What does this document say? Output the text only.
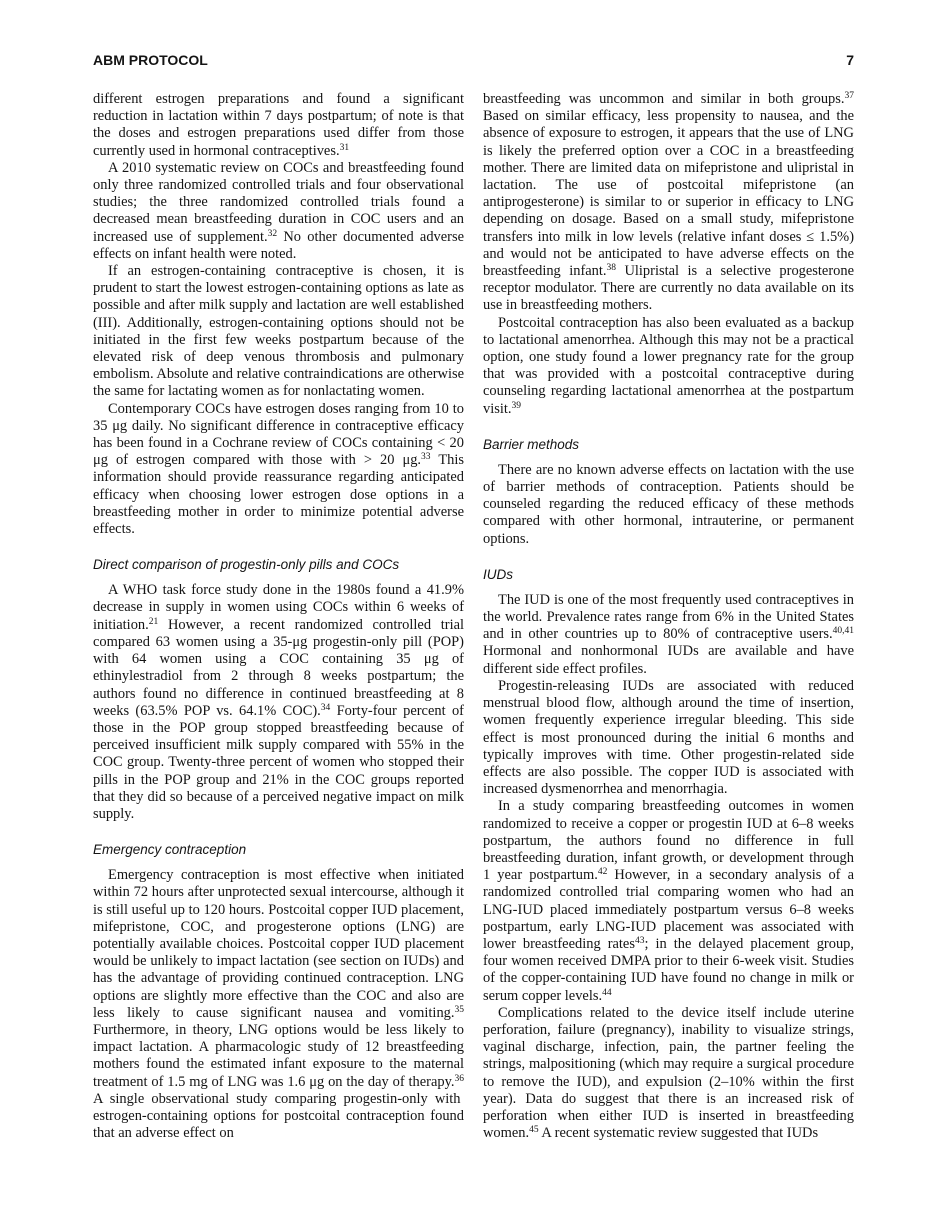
ABM PROTOCOL	7

different estrogen preparations and found a significant reduction in lactation within 7 days postpartum; of note is that the doses and estrogen preparations used differ from those currently used in hormonal contraceptives.$^{31}$

A 2010 systematic review on COCs and breastfeeding found only three randomized controlled trials and four observational studies; the three randomized controlled trials found a decreased mean breastfeeding duration in COC users and an increased use of supplement.$^{32}$ No other documented adverse effects on infant health were noted.

If an estrogen-containing contraceptive is chosen, it is prudent to start the lowest estrogen-containing options as late as possible and after milk supply and lactation are well established (III). Additionally, estrogen-containing options should not be initiated in the first few weeks postpartum because of the elevated risk of deep venous thrombosis and pulmonary embolism. Absolute and relative contraindications are otherwise the same for lactating women as for nonlactating women.

Contemporary COCs have estrogen doses ranging from 10 to 35 μg daily. No significant difference in contraceptive efficacy has been found in a Cochrane review of COCs containing < 20 μg of estrogen compared with those with > 20 μg.$^{33}$ This information should provide reassurance regarding anticipated efficacy when choosing lower estrogen dose options in a breastfeeding mother in order to minimize potential adverse effects.

Direct comparison of progestin-only pills and COCs

A WHO task force study done in the 1980s found a 41.9% decrease in supply in women using COCs within 6 weeks of initiation.$^{21}$ However, a recent randomized controlled trial compared 63 women using a 35-μg progestin-only pill (POP) with 64 women using a COC containing 35 μg of ethinylestradiol from 2 through 8 weeks postpartum; the authors found no difference in continued breastfeeding at 8 weeks (63.5% POP vs. 64.1% COC).$^{34}$ Forty-four percent of those in the POP group stopped breastfeeding because of perceived insufficient milk supply compared with 55% in the COC group. Twenty-three percent of women who stopped their pills in the POP group and 21% in the COC groups reported that they did so because of a perceived negative impact on milk supply.

Emergency contraception

Emergency contraception is most effective when initiated within 72 hours after unprotected sexual intercourse, although it is still useful up to 120 hours. Postcoital copper IUD placement, mifepristone, COC, and progesterone options (LNG) are potentially available choices. Postcoital copper IUD placement would be unlikely to impact lactation (see section on IUDs) and has the advantage of providing continued contraception. LNG options are slightly more effective than the COC and also are less likely to cause significant nausea and vomiting.$^{35}$ Furthermore, in theory, LNG options would be less likely to impact lactation. A pharmacologic study of 12 breastfeeding mothers found the estimated infant exposure to the maternal treatment of 1.5 mg of LNG was 1.6 μg on the day of therapy.$^{36}$ A single observational study comparing progestin-only with estrogen-containing options for postcoital contraception found that an adverse effect on

breastfeeding was uncommon and similar in both groups.$^{37}$ Based on similar efficacy, less propensity to nausea, and the absence of exposure to estrogen, it appears that the use of LNG is likely the preferred option over a COC in a breastfeeding mother. There are limited data on mifepristone and ulipristal in lactation. The use of postcoital mifepristone (an antiprogesterone) is similar to or superior in efficacy to LNG depending on dosage. Based on a small study, mifepristone transfers into milk in low levels (relative infant doses ≤ 1.5%) and would not be anticipated to have adverse effects on the breastfeeding infant.$^{38}$ Ulipristal is a selective progesterone receptor modulator. There are currently no data available on its use in breastfeeding mothers.

Postcoital contraception has also been evaluated as a backup to lactational amenorrhea. Although this may not be a practical option, one study found a lower pregnancy rate for the group that was provided with a postcoital contraceptive during counseling regarding lactational amenorrhea at the postpartum visit.$^{39}$

Barrier methods

There are no known adverse effects on lactation with the use of barrier methods of contraception. Patients should be counseled regarding the reduced efficacy of these methods compared with other hormonal, intrauterine, or permanent options.

IUDs

The IUD is one of the most frequently used contraceptives in the world. Prevalence rates range from 6% in the United States and in other countries up to 80% of contraceptive users.$^{40,41}$ Hormonal and nonhormonal IUDs are available and have different side effect profiles.

Progestin-releasing IUDs are associated with reduced menstrual blood flow, although around the time of insertion, women frequently experience irregular bleeding. This side effect is most pronounced during the initial 6 months and typically improves with time. Other progestin-related side effects are also possible. The copper IUD is associated with increased dysmenorrhea and menorrhagia.

In a study comparing breastfeeding outcomes in women randomized to receive a copper or progestin IUD at 6–8 weeks postpartum, the authors found no difference in full breastfeeding duration, infant growth, or development through 1 year postpartum.$^{42}$ However, in a secondary analysis of a randomized controlled trial comparing women who had an LNG-IUD placed immediately postpartum versus 6–8 weeks postpartum, early LNG-IUD placement was associated with lower breastfeeding rates$^{43}$; in the delayed placement group, four women received DMPA prior to their 6-week visit. Studies of the copper-containing IUD have found no change in milk or serum copper levels.$^{44}$

Complications related to the device itself include uterine perforation, failure (pregnancy), inability to visualize strings, vaginal discharge, infection, pain, the partner feeling the strings, malpositioning (which may require a surgical procedure to remove the IUD), and expulsion (2–10% within the first year). Data do suggest that there is an increased risk of perforation when either IUD is inserted in breastfeeding women.$^{45}$ A recent systematic review suggested that IUDs
